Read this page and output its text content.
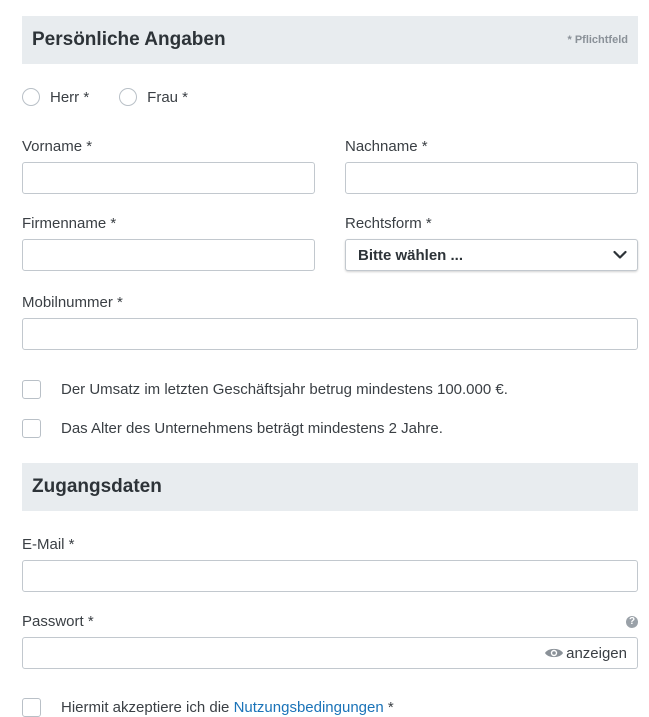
Persönliche Angaben	* Pflichtfeld
Herr *	Frau *
Vorname *	Nachname *
Firmenname *	Rechtsform *
Bitte wählen ...
Mobilnummer *
Der Umsatz im letzten Geschäftsjahr betrug mindestens 100.000 €.
Das Alter des Unternehmens beträgt mindestens 2 Jahre.
Zugangsdaten
E-Mail *
Passwort *	?
anzeigen
Hiermit akzeptiere ich die Nutzungsbedingungen *
